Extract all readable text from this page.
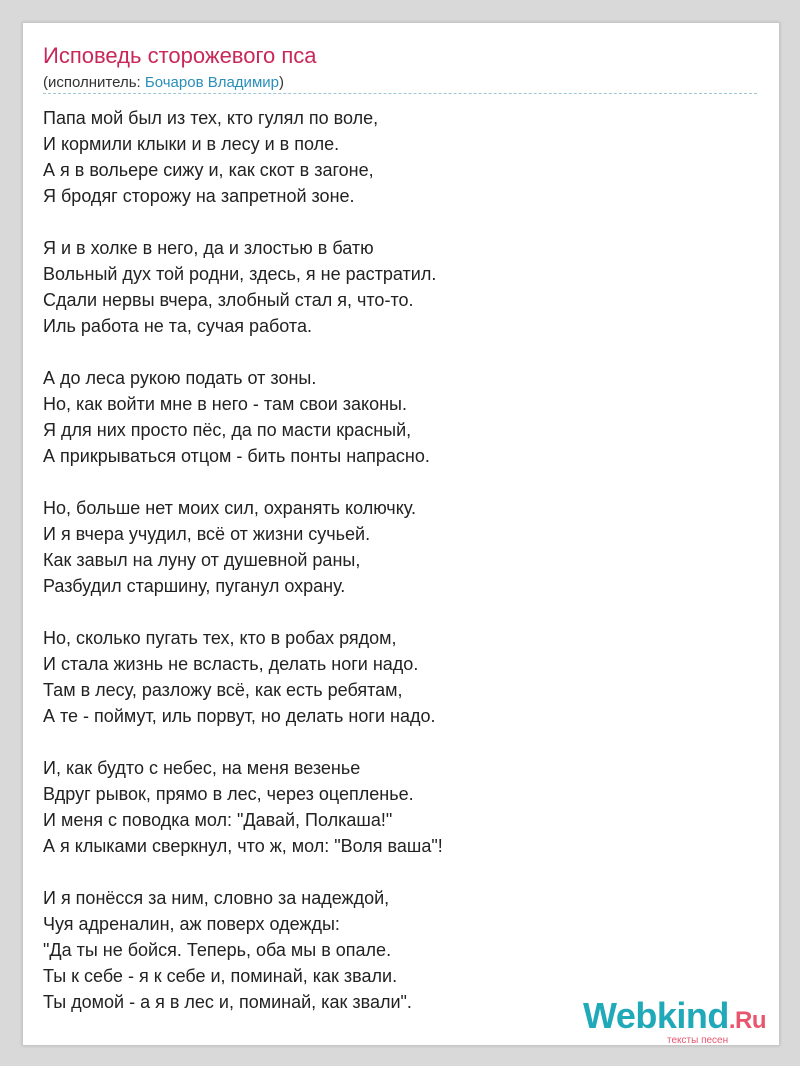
Исповедь сторожевого пса
(исполнитель: Бочаров Владимир)
Папа мой был из тех, кто гулял по воле,
И кормили клыки и в лесу и в поле.
А я в вольере сижу и, как скот в загоне,
Я бродяг сторожу на запретной зоне.
Я и в холке в него, да и злостью в батю
Вольный дух той родни, здесь, я не растратил.
Сдали нервы вчера, злобный стал я, что-то.
Иль работа не та, сучая работа.
А до леса рукою подать от зоны.
Но, как войти мне в него - там свои законы.
Я для них просто пёс, да по масти красный,
А прикрываться отцом - бить понты напрасно.
Но, больше нет моих сил, охранять колючку.
И я вчера учудил, всё от жизни сучьей.
Как завыл на луну от душевной раны,
Разбудил старшину, пуганул охрану.
Но, сколько пугать тех, кто в робах рядом,
И стала жизнь не всласть, делать ноги надо.
Там в лесу, разложу всё, как есть ребятам,
А те - поймут, иль порвут, но делать ноги надо.
И, как будто с небес, на меня везенье
Вдруг рывок, прямо в лес, через оцепленье.
И меня с поводка мол: "Давай, Полкаша!"
А я клыками сверкнул, что ж, мол: "Воля ваша"!
И я понёсся за ним, словно за надеждой,
Чуя адреналин, аж поверх одежды:
"Да ты не бойся. Теперь, оба мы в опале.
Ты к себе - я к себе и, поминай, как звали.
Ты домой - а я в лес и, поминай, как звали".	Webkind.Ru
тексты песен
